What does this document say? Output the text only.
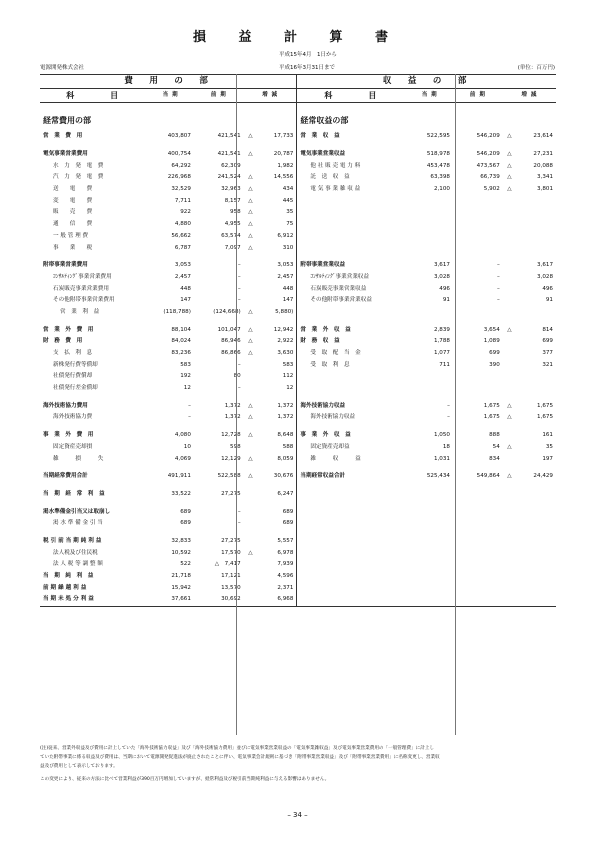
損 益 計 算 書
平成15年4月　1日から
電源開発株式会社	平成16年3月31日まで	(単位：百万円)
費　用　の　部					収　益　の　部				
科　　　目	当 期	前 期	増 減		科　　　目	当 期	前 期	増 減	
経常費用の部					経常収益の部				
営　業　費　用	403,807	421,541	△	17,733	営　業　収　益	522,595	546,209	△	23,614

電気事業営業費用	400,754	421,541	△	20,787	電気事業営業収益	518,978	546,209	△	27,231
水　力　発　電　費	64,292	62,309		1,982	他 社 販 売 電 力 料	453,478	473,567	△	20,088
汽　力　発　電　費	226,968	241,524	△	14,556	託　送　収　益	63,398	66,739	△	3,341
送　　電　　費	32,529	32,963	△	434	電 気 事 業 雑 収 益	2,100	5,902	△	3,801
変　　電　　費	7,711	8,157	△	445					
販　　売　　費	922	958	△	35					
通　　信　　費	4,880	4,955	△	75					
一 般 管 理 費	56,662	63,574	△	6,912					
事　　業　　税	6,787	7,097	△	310					

附帯事業営業費用	3,053	–		3,053	附帯事業営業収益	3,617	–		3,617
ｺﾝｻﾙﾃｨﾝｸﾞ事業営業費用	2,457	–		2,457	ｺﾝｻﾙﾃｨﾝｸﾞ事業営業収益	3,028	–		3,028
石炭販売事業営業費用	448	–		448	石炭販売事業営業収益	496	–		496
その他附帯事業営業費用	147	–		147	その他附帯事業営業収益	91	–		91
営　業　利　益	(118,788)	(124,668)	△	5,880)					

営　業　外　費　用	88,104	101,047	△	12,942	営　業　外　収　益	2,839	3,654	△	814
財　務　費　用	84,024	86,946	△	2,922	財　務　収　益	1,788	1,089		699
支　払　利　息	83,236	86,866	△	3,630	受　取　配　当　金	1,077	699		377
新株発行費等償却	583	–		583	受　取　利　息	711	390		321
社債発行費償却	192	80		112					
社債発行差金償却	12	–		12					

海外技術協力費用	–	1,372	△	1,372	海外技術協力収益	–	1,675	△	1,675
海外技術協力費	–	1,372	△	1,372	海外技術協力収益	–	1,675	△	1,675

事　業　外　費　用	4,080	12,728	△	8,648	事　業　外　収　益	1,050	888		161
固定資産売却損	10	598		588	固定資産売却益	18	54	△	35
雑　　　損　　　失	4,069	12,129	△	8,059	雑　　　収　　　益	1,031	834		197

当期経常費用合計	491,911	522,588	△	30,676	当期経常収益合計	525,434	549,864	△	24,429

当　期　経　常　利　益	33,522	27,275		6,247					

渇水準備金引当又は取崩し	689	–		689					
渇 水 準 備 金 引 当	689	–		689					

税 引 前 当 期 純 利 益	32,833	27,275		5,557					
法人税及び住民税	10,592	17,570	△	6,978					
法 人 税 等 調 整 額	522	△　7,417		7,939					
当　期　純　利　益	21,718	17,121		4,596					
前 期 繰 越 利 益	15,942	13,570		2,371					
当 期 未 処 分 利 益	37,661	30,692		6,968					
(注)従来、営業外収益及び費用に計上していた「海外技術協力収益」及び「海外技術協力費用」並びに電気事業営業収益の「電気事業雑収益」及び電気事業営業費用の「一般管理費」に計上し
ていた附帯事業に係る収益及び費用は、当期において電源開発促進法が廃止されたことに伴い、電気事業会計規則に基づき「附帯事業営業収益」及び「附帯事業営業費用」に名称変更し、営業収
益及び費用として表示しております。
この変更により、従来の方法に比べて営業利益が390百万円増加していますが、経常利益及び税引前当期純利益に与える影響はありません。
– 34 –
